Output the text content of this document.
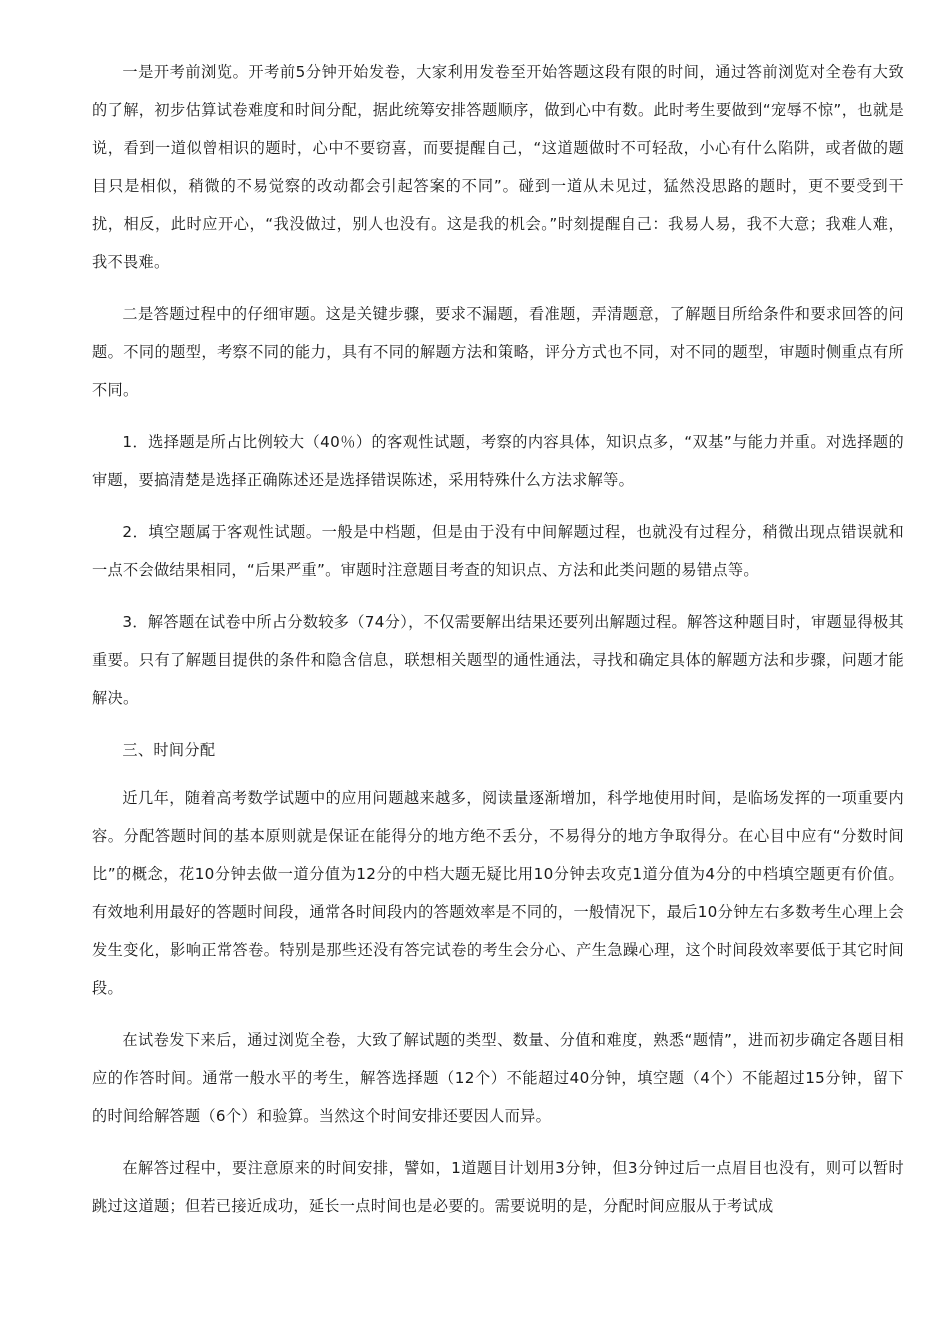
一是开考前浏览。开考前5分钟开始发卷，大家利用发卷至开始答题这段有限的时间，通过答前浏览对全卷有大致的了解，初步估算试卷难度和时间分配，据此统筹安排答题顺序，做到心中有数。此时考生要做到“宠辱不惊”，也就是说，看到一道似曾相识的题时，心中不要窃喜，而要提醒自己，“这道题做时不可轻敌，小心有什么陷阱，或者做的题目只是相似，稍微的不易觉察的改动都会引起答案的不同”。碰到一道从未见过，猛然没思路的题时，更不要受到干扰，相反，此时应开心，“我没做过，别人也没有。这是我的机会。”时刻提醒自己：我易人易，我不大意；我难人难，我不畏难。

二是答题过程中的仔细审题。这是关键步骤，要求不漏题，看准题，弄清题意，了解题目所给条件和要求回答的问题。不同的题型，考察不同的能力，具有不同的解题方法和策略，评分方式也不同，对不同的题型，审题时侧重点有所不同。

1．选择题是所占比例较大（40％）的客观性试题，考察的内容具体，知识点多，“双基”与能力并重。对选择题的审题，要搞清楚是选择正确陈述还是选择错误陈述，采用特殊什么方法求解等。

2．填空题属于客观性试题。一般是中档题，但是由于没有中间解题过程，也就没有过程分，稍微出现点错误就和一点不会做结果相同，“后果严重”。审题时注意题目考查的知识点、方法和此类问题的易错点等。

3．解答题在试卷中所占分数较多（74分），不仅需要解出结果还要列出解题过程。解答这种题目时，审题显得极其重要。只有了解题目提供的条件和隐含信息，联想相关题型的通性通法，寻找和确定具体的解题方法和步骤，问题才能解决。

三、时间分配

近几年，随着高考数学试题中的应用问题越来越多，阅读量逐渐增加，科学地使用时间，是临场发挥的一项重要内容。分配答题时间的基本原则就是保证在能得分的地方绝不丢分，不易得分的地方争取得分。在心目中应有“分数时间比”的概念，花10分钟去做一道分值为12分的中档大题无疑比用10分钟去攻克1道分值为4分的中档填空题更有价值。有效地利用最好的答题时间段，通常各时间段内的答题效率是不同的，一般情况下，最后10分钟左右多数考生心理上会发生变化，影响正常答卷。特别是那些还没有答完试卷的考生会分心、产生急躁心理，这个时间段效率要低于其它时间段。

在试卷发下来后，通过浏览全卷，大致了解试题的类型、数量、分值和难度，熟悉“题情”，进而初步确定各题目相应的作答时间。通常一般水平的考生，解答选择题（12个）不能超过40分钟，填空题（4个）不能超过15分钟，留下的时间给解答题（6个）和验算。当然这个时间安排还要因人而异。

在解答过程中，要注意原来的时间安排，譬如，1道题目计划用3分钟，但3分钟过后一点眉目也没有，则可以暂时跳过这道题；但若已接近成功，延长一点时间也是必要的。需要说明的是，分配时间应服从于考试成
